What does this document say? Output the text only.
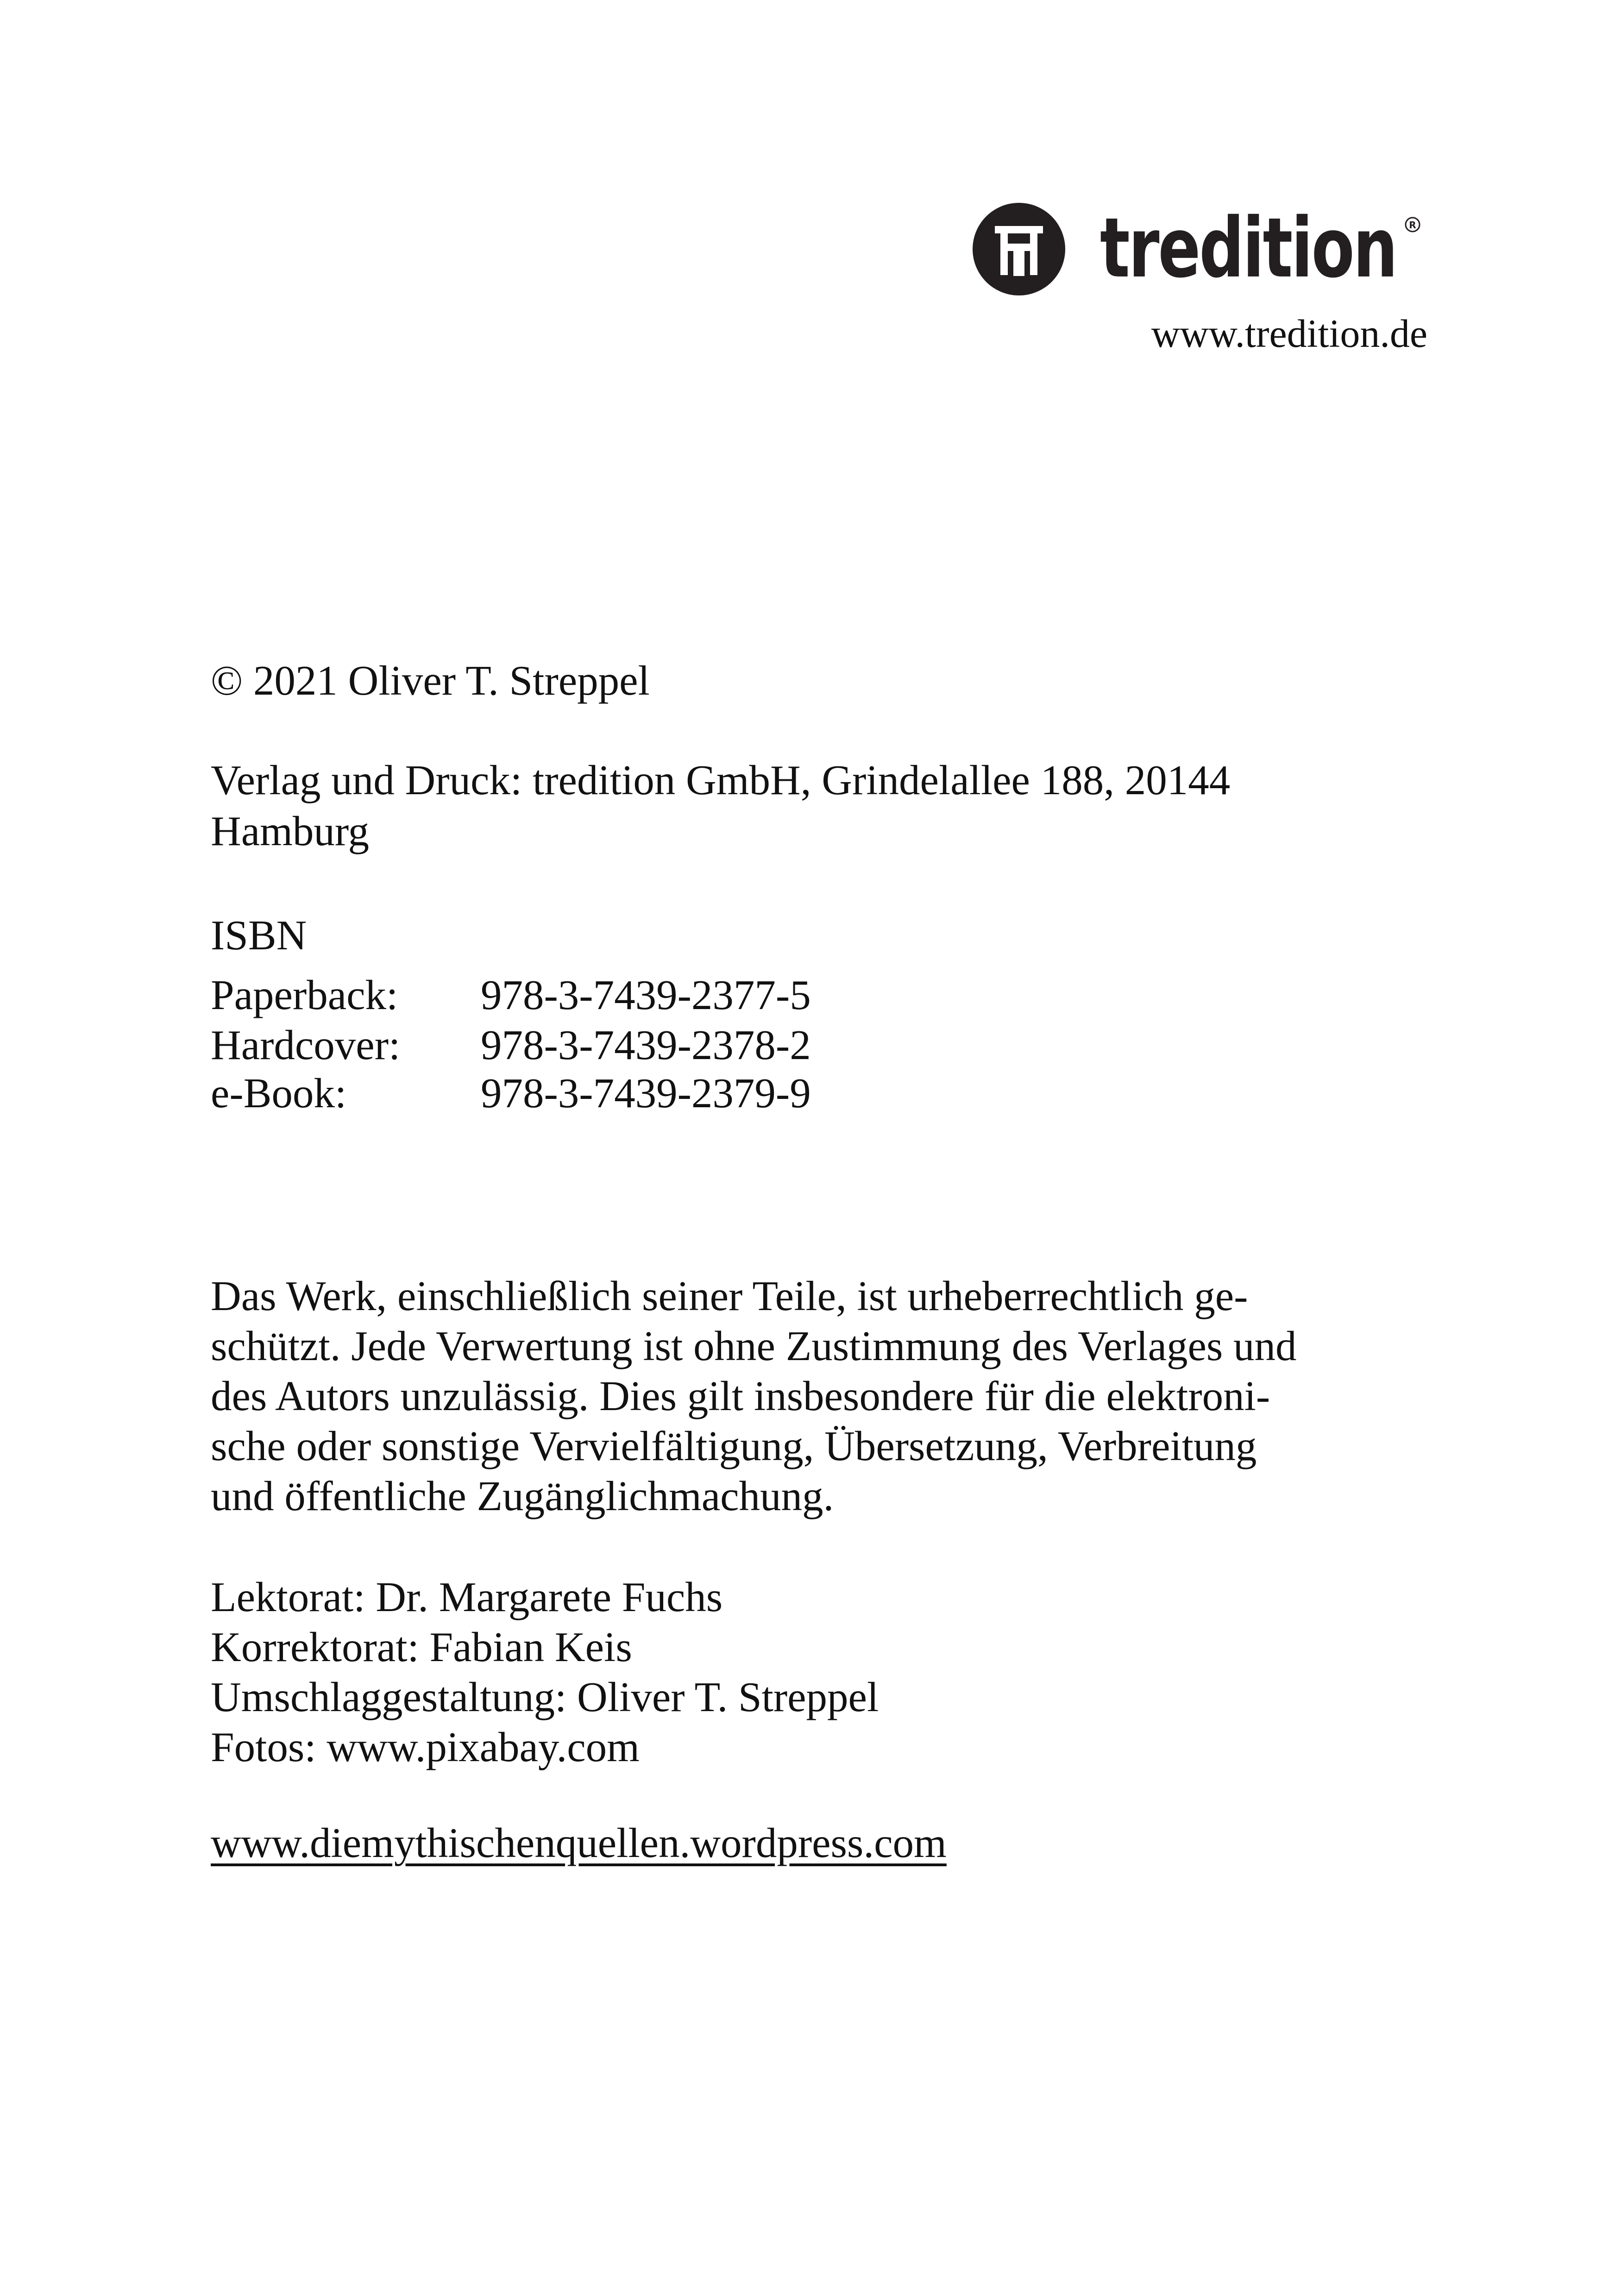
tredition R
www.tredition.de
© 2021 Oliver T. Streppel
Verlag und Druck: tredition GmbH, Grindelallee 188, 20144
Hamburg
ISBN
Paperback:	978-3-7439-2377-5
Hardcover:	978-3-7439-2378-2
e-Book:	978-3-7439-2379-9
Das Werk, einschließlich seiner Teile, ist urheberrechtlich ge-
schützt. Jede Verwertung ist ohne Zustimmung des Verlages und
des Autors unzulässig. Dies gilt insbesondere für die elektroni-
sche oder sonstige Vervielfältigung, Übersetzung, Verbreitung
und öffentliche Zugänglichmachung.
Lektorat: Dr. Margarete Fuchs
Korrektorat: Fabian Keis
Umschlaggestaltung: Oliver T. Streppel
Fotos: www.pixabay.com
www.diemythischenquellen.wordpress.com
